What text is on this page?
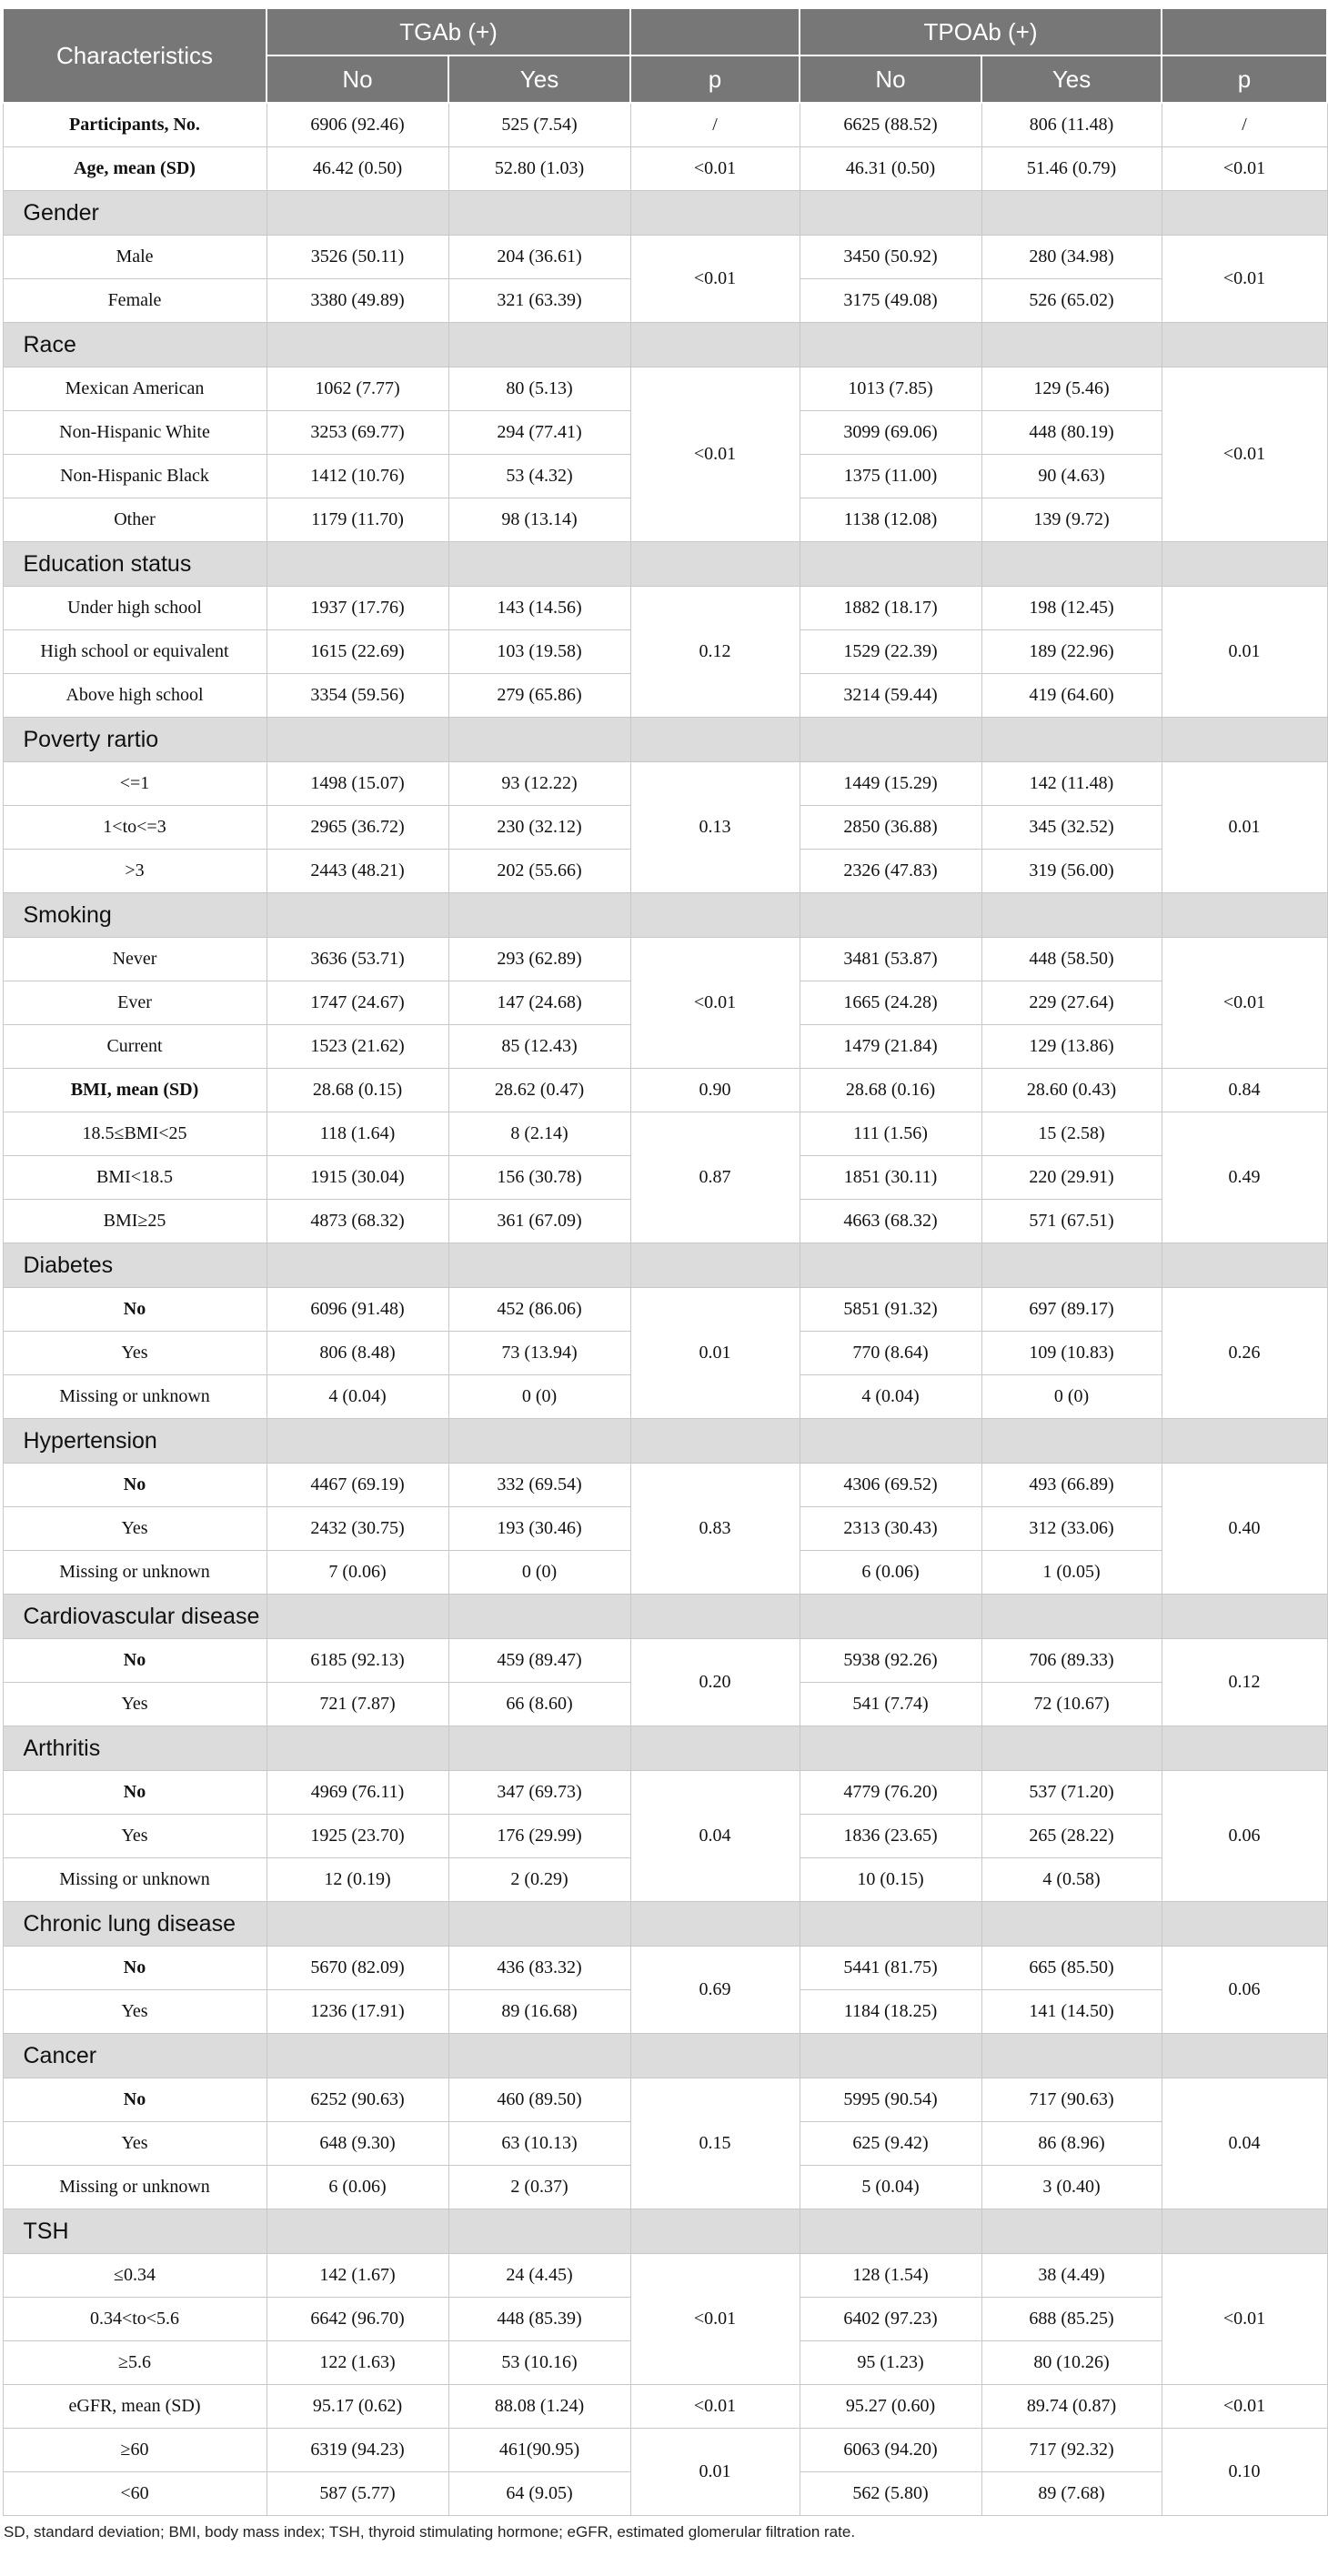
Characteristics	TGAb (+)			TPOAb (+)		
	No	Yes	p	No	Yes	p
Participants, No.	6906 (92.46)	525 (7.54)	/	6625 (88.52)	806 (11.48)	/
Age, mean (SD)	46.42 (0.50)	52.80 (1.03)	<0.01	46.31 (0.50)	51.46 (0.79)	<0.01
Gender						
Male	3526 (50.11)	204 (36.61)	<0.01	3450 (50.92)	280 (34.98)	<0.01
Female	3380 (49.89)	321 (63.39)		3175 (49.08)	526 (65.02)	
Race						
Mexican American	1062 (7.77)	80 (5.13)	<0.01	1013 (7.85)	129 (5.46)	<0.01
Non-Hispanic White	3253 (69.77)	294 (77.41)		3099 (69.06)	448 (80.19)	
Non-Hispanic Black	1412 (10.76)	53 (4.32)		1375 (11.00)	90 (4.63)	
Other	1179 (11.70)	98 (13.14)		1138 (12.08)	139 (9.72)	
Education status						
Under high school	1937 (17.76)	143 (14.56)	0.12	1882 (18.17)	198 (12.45)	0.01
High school or equivalent	1615 (22.69)	103 (19.58)		1529 (22.39)	189 (22.96)	
Above high school	3354 (59.56)	279 (65.86)		3214 (59.44)	419 (64.60)	
Poverty rartio						
<=1	1498 (15.07)	93 (12.22)	0.13	1449 (15.29)	142 (11.48)	0.01
1<to<=3	2965 (36.72)	230 (32.12)		2850 (36.88)	345 (32.52)	
>3	2443 (48.21)	202 (55.66)		2326 (47.83)	319 (56.00)	
Smoking						
Never	3636 (53.71)	293 (62.89)	<0.01	3481 (53.87)	448 (58.50)	<0.01
Ever	1747 (24.67)	147 (24.68)		1665 (24.28)	229 (27.64)	
Current	1523 (21.62)	85 (12.43)		1479 (21.84)	129 (13.86)	
BMI, mean (SD)	28.68 (0.15)	28.62 (0.47)	0.90	28.68 (0.16)	28.60 (0.43)	0.84
18.5≤BMI<25	118 (1.64)	8 (2.14)	0.87	111 (1.56)	15 (2.58)	0.49
BMI<18.5	1915 (30.04)	156 (30.78)		1851 (30.11)	220 (29.91)	
BMI≥25	4873 (68.32)	361 (67.09)		4663 (68.32)	571 (67.51)	
Diabetes						
No	6096 (91.48)	452 (86.06)	0.01	5851 (91.32)	697 (89.17)	0.26
Yes	806 (8.48)	73 (13.94)		770 (8.64)	109 (10.83)	
Missing or unknown	4 (0.04)	0 (0)		4 (0.04)	0 (0)	
Hypertension						
No	4467 (69.19)	332 (69.54)	0.83	4306 (69.52)	493 (66.89)	0.40
Yes	2432 (30.75)	193 (30.46)		2313 (30.43)	312 (33.06)	
Missing or unknown	7 (0.06)	0 (0)		6 (0.06)	1 (0.05)	
Cardiovascular disease						
No	6185 (92.13)	459 (89.47)	0.20	5938 (92.26)	706 (89.33)	0.12
Yes	721 (7.87)	66 (8.60)		541 (7.74)	72 (10.67)	
Arthritis						
No	4969 (76.11)	347 (69.73)	0.04	4779 (76.20)	537 (71.20)	0.06
Yes	1925 (23.70)	176 (29.99)		1836 (23.65)	265 (28.22)	
Missing or unknown	12 (0.19)	2 (0.29)		10 (0.15)	4 (0.58)	
Chronic lung disease						
No	5670 (82.09)	436 (83.32)	0.69	5441 (81.75)	665 (85.50)	0.06
Yes	1236 (17.91)	89 (16.68)		1184 (18.25)	141 (14.50)	
Cancer						
No	6252 (90.63)	460 (89.50)	0.15	5995 (90.54)	717 (90.63)	0.04
Yes	648 (9.30)	63 (10.13)		625 (9.42)	86 (8.96)	
Missing or unknown	6 (0.06)	2 (0.37)		5 (0.04)	3 (0.40)	
TSH						
≤0.34	142 (1.67)	24 (4.45)	<0.01	128 (1.54)	38 (4.49)	<0.01
0.34<to<5.6	6642 (96.70)	448 (85.39)		6402 (97.23)	688 (85.25)	
≥5.6	122 (1.63)	53 (10.16)		95 (1.23)	80 (10.26)	
eGFR, mean (SD)	95.17 (0.62)	88.08 (1.24)	<0.01	95.27 (0.60)	89.74 (0.87)	<0.01
≥60	6319 (94.23)	461(90.95)	0.01	6063 (94.20)	717 (92.32)	0.10
<60	587 (5.77)	64 (9.05)		562 (5.80)	89 (7.68)	
SD, standard deviation; BMI, body mass index; TSH, thyroid stimulating hormone; eGFR, estimated glomerular filtration rate.
